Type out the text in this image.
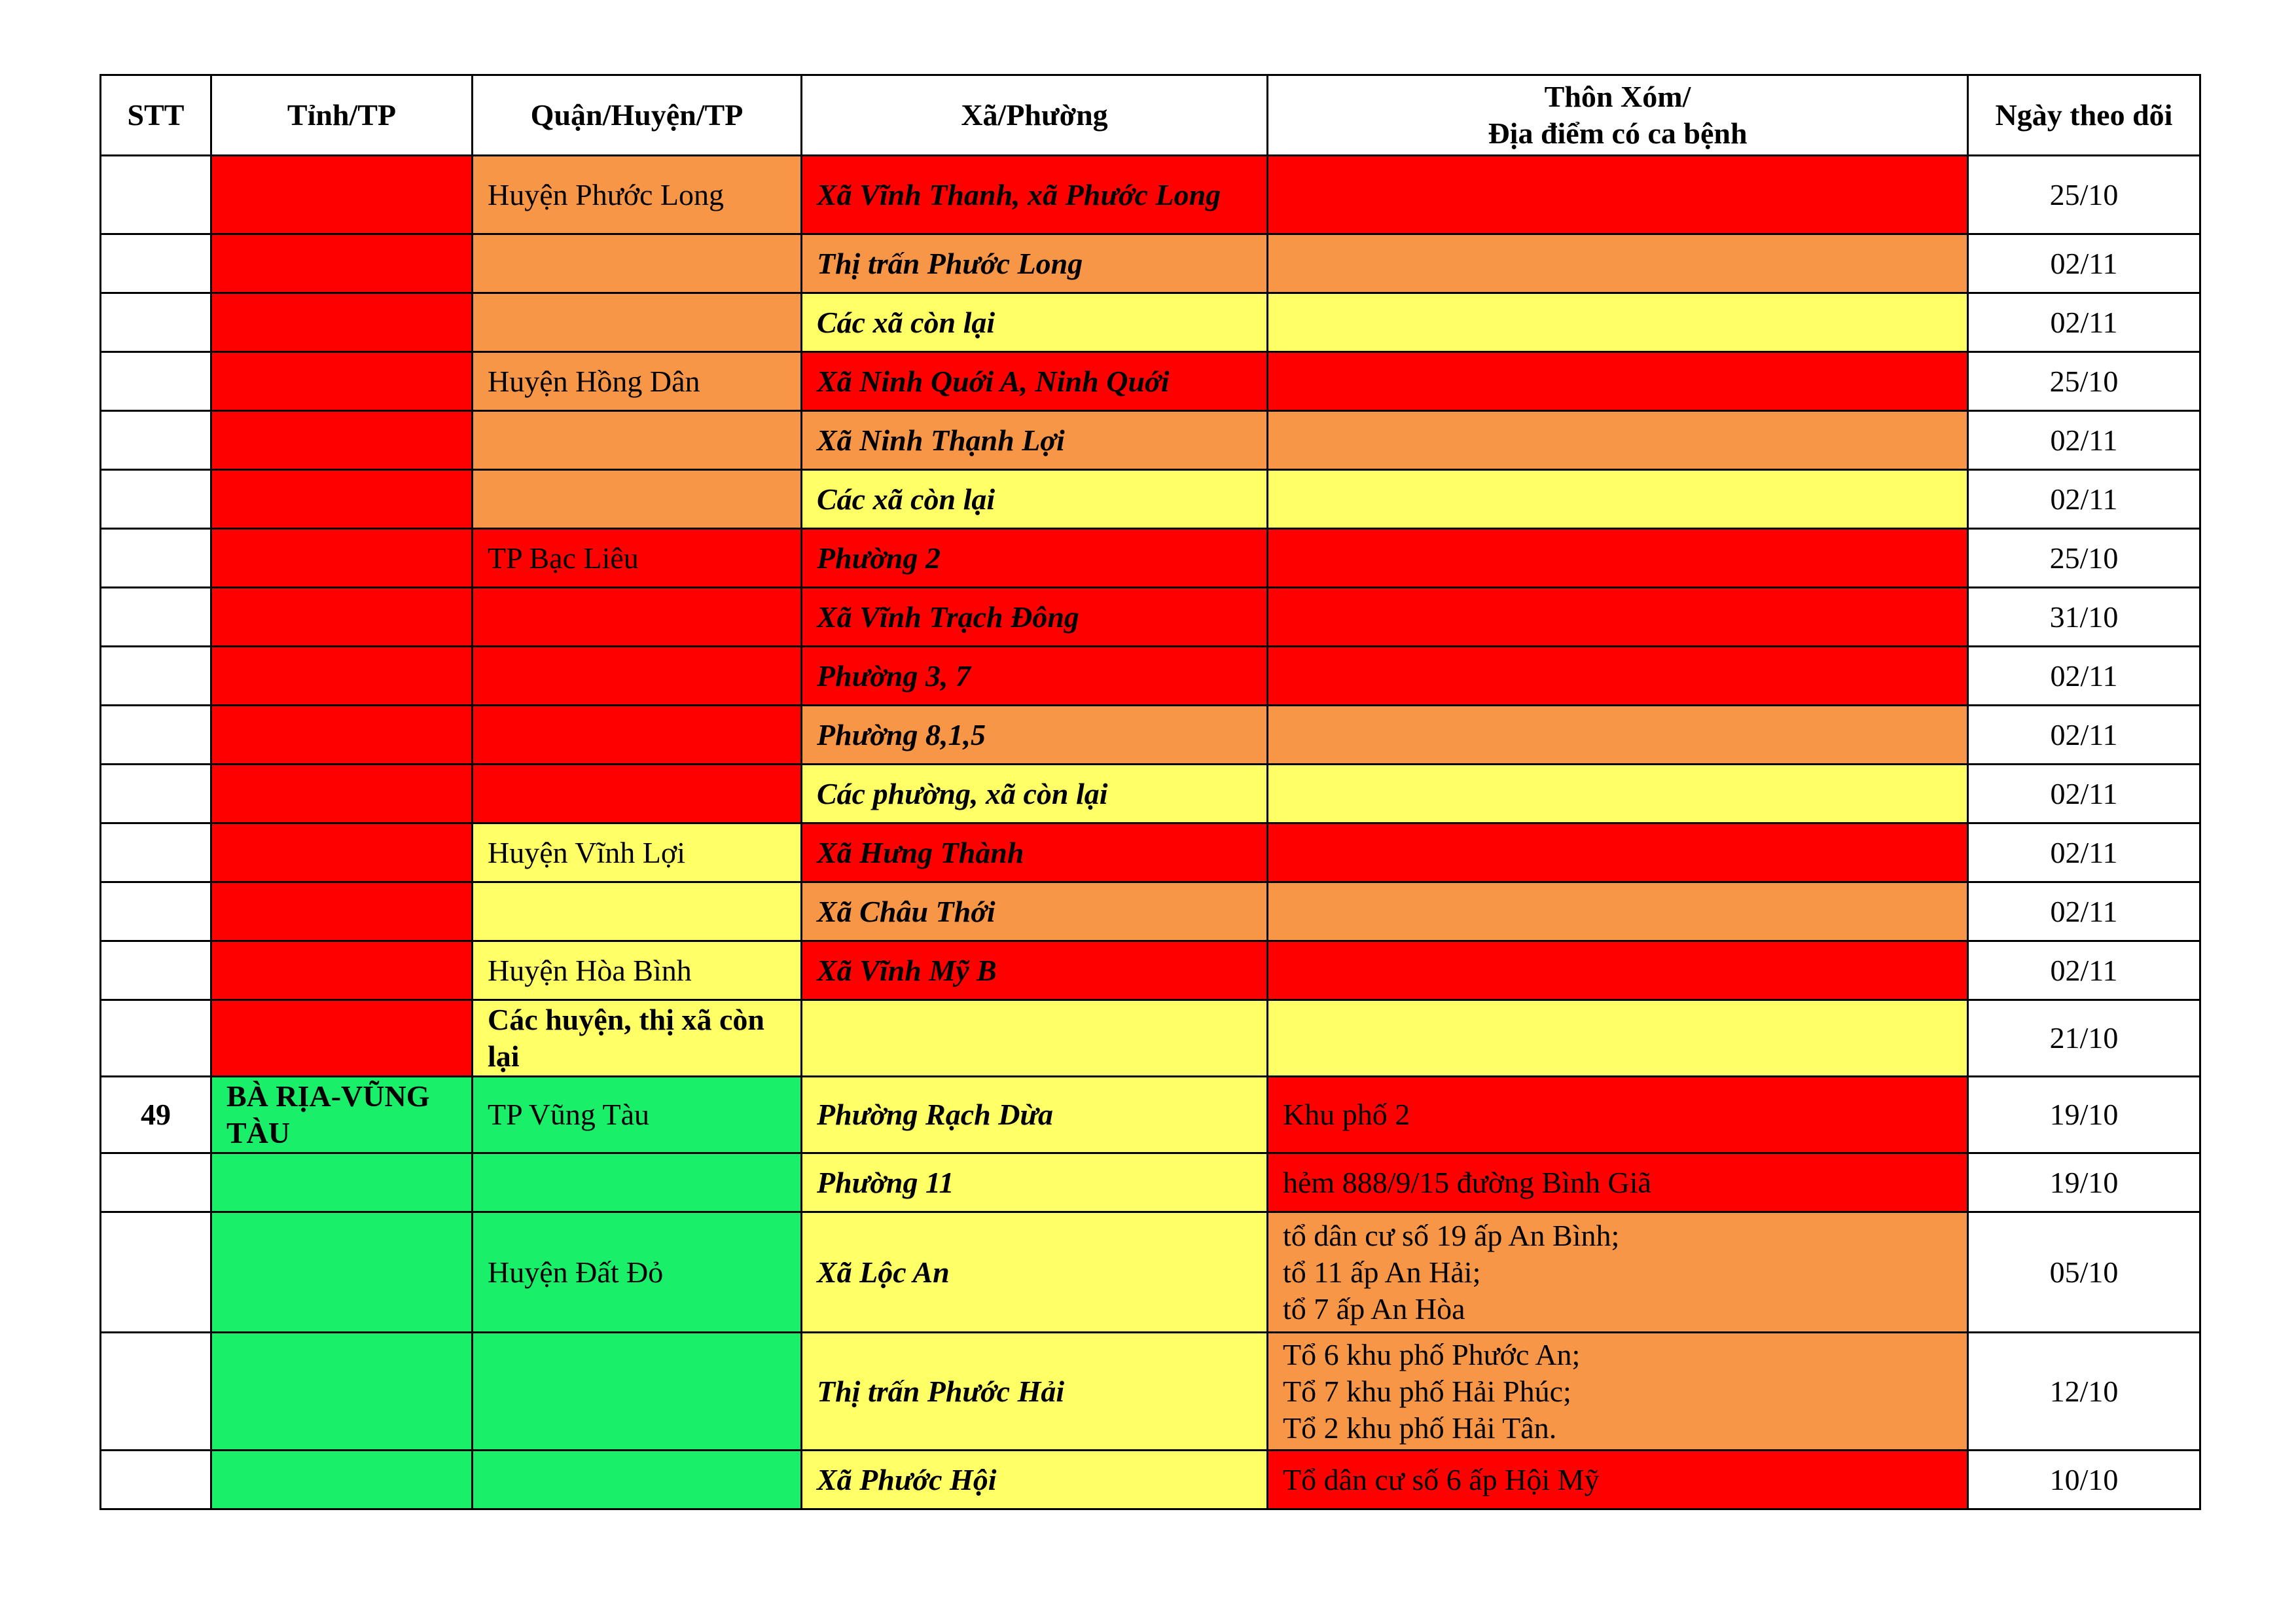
STT	Tỉnh/TP	Quận/Huyện/TP	Xã/Phường	Thôn Xóm/
Địa điểm có ca bệnh	Ngày theo dõi
		Huyện Phước Long	Xã Vĩnh Thanh, xã Phước Long		25/10
			Thị trấn Phước Long		02/11
			Các xã còn lại		02/11
		Huyện Hồng Dân	Xã Ninh Quới A, Ninh Quới		25/10
			Xã Ninh Thạnh Lợi		02/11
			Các xã còn lại		02/11
		TP Bạc Liêu	Phường 2		25/10
			Xã Vĩnh Trạch Đông		31/10
			Phường 3, 7		02/11
			Phường 8,1,5		02/11
			Các phường, xã còn lại		02/11
		Huyện Vĩnh Lợi	Xã Hưng Thành		02/11
			Xã Châu Thới		02/11
		Huyện Hòa Bình	Xã Vĩnh Mỹ B		02/11
		Các huyện, thị xã còn lại			21/10
49	BÀ RỊA-VŨNG TÀU	TP Vũng Tàu	Phường Rạch Dừa	Khu phố 2	19/10
			Phường 11	hẻm 888/9/15 đường Bình Giã	19/10
		Huyện Đất Đỏ	Xã Lộc An	tổ dân cư số 19 ấp An Bình;
tổ 11 ấp An Hải;
tổ 7 ấp An Hòa	05/10
			Thị trấn Phước Hải	Tổ 6 khu phố Phước An;
Tổ 7 khu phố Hải Phúc;
Tổ 2 khu phố Hải Tân.	12/10
			Xã Phước Hội	Tổ dân cư số 6 ấp Hội Mỹ	10/10
